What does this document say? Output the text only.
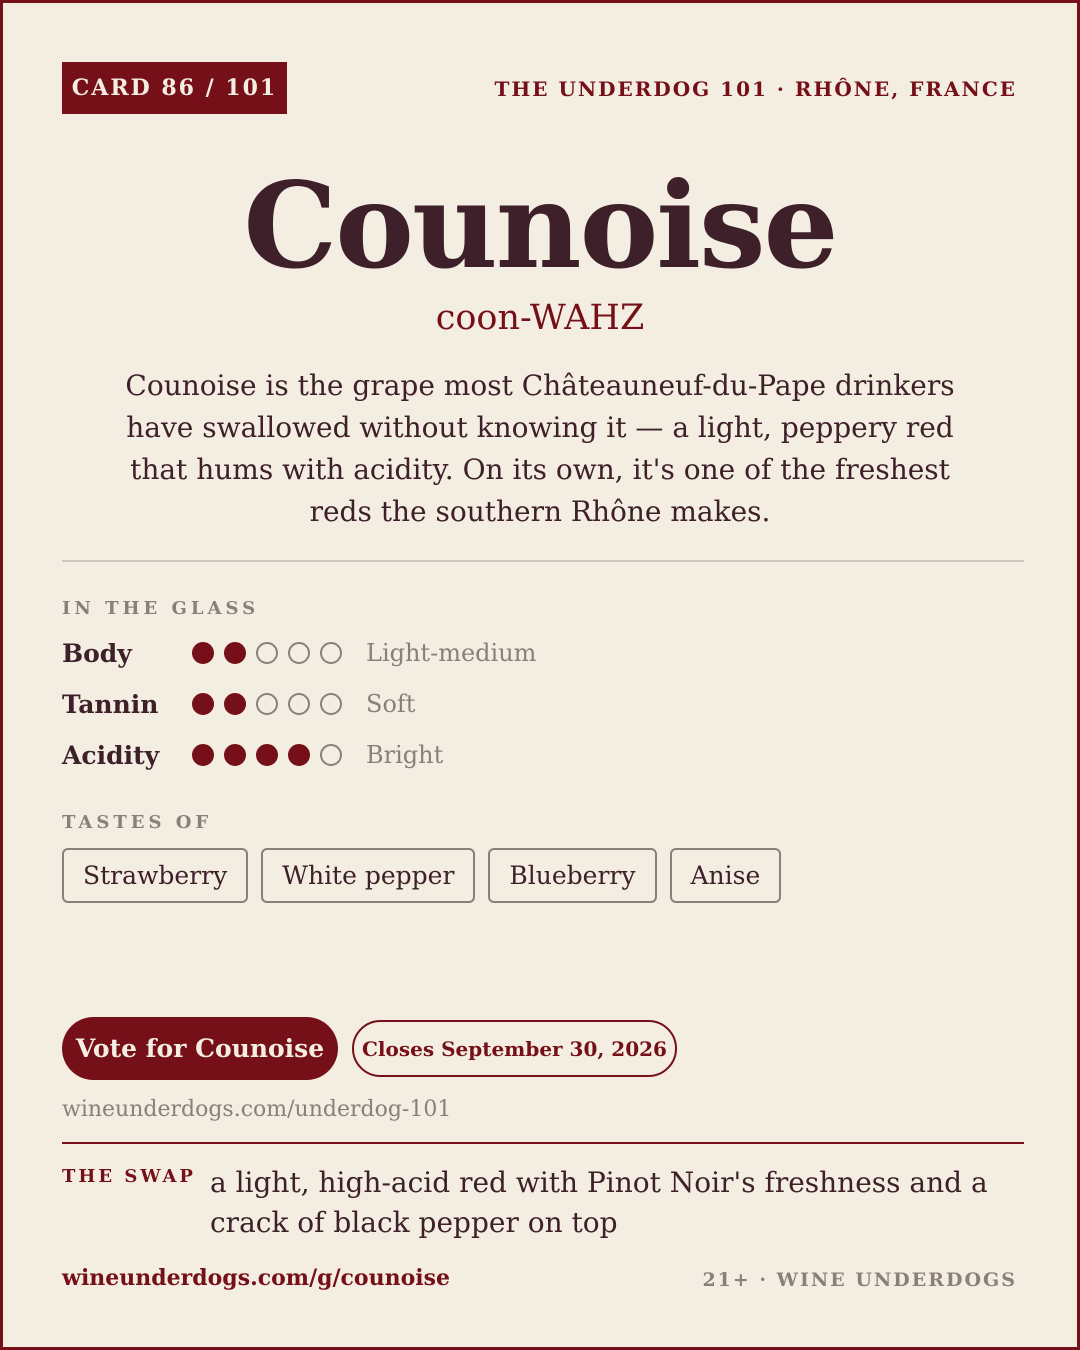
CARD 86 / 101	THE UNDERDOG 101 · RHÔNE, FRANCE
Counoise
coon-WAHZ
Counoise is the grape most Châteauneuf-du-Pape drinkers have swallowed without knowing it — a light, peppery red that hums with acidity. On its own, it's one of the freshest reds the southern Rhône makes.
IN THE GLASS
Body	Light-medium
Tannin	Soft
Acidity	Bright
TASTES OF
Strawberry	White pepper	Blueberry	Anise
Vote for Counoise	Closes September 30, 2026
wineunderdogs.com/underdog-101
THE SWAP a light, high-acid red with Pinot Noir's freshness and a crack of black pepper on top
wineunderdogs.com/g/counoise	21+ · WINE UNDERDOGS
